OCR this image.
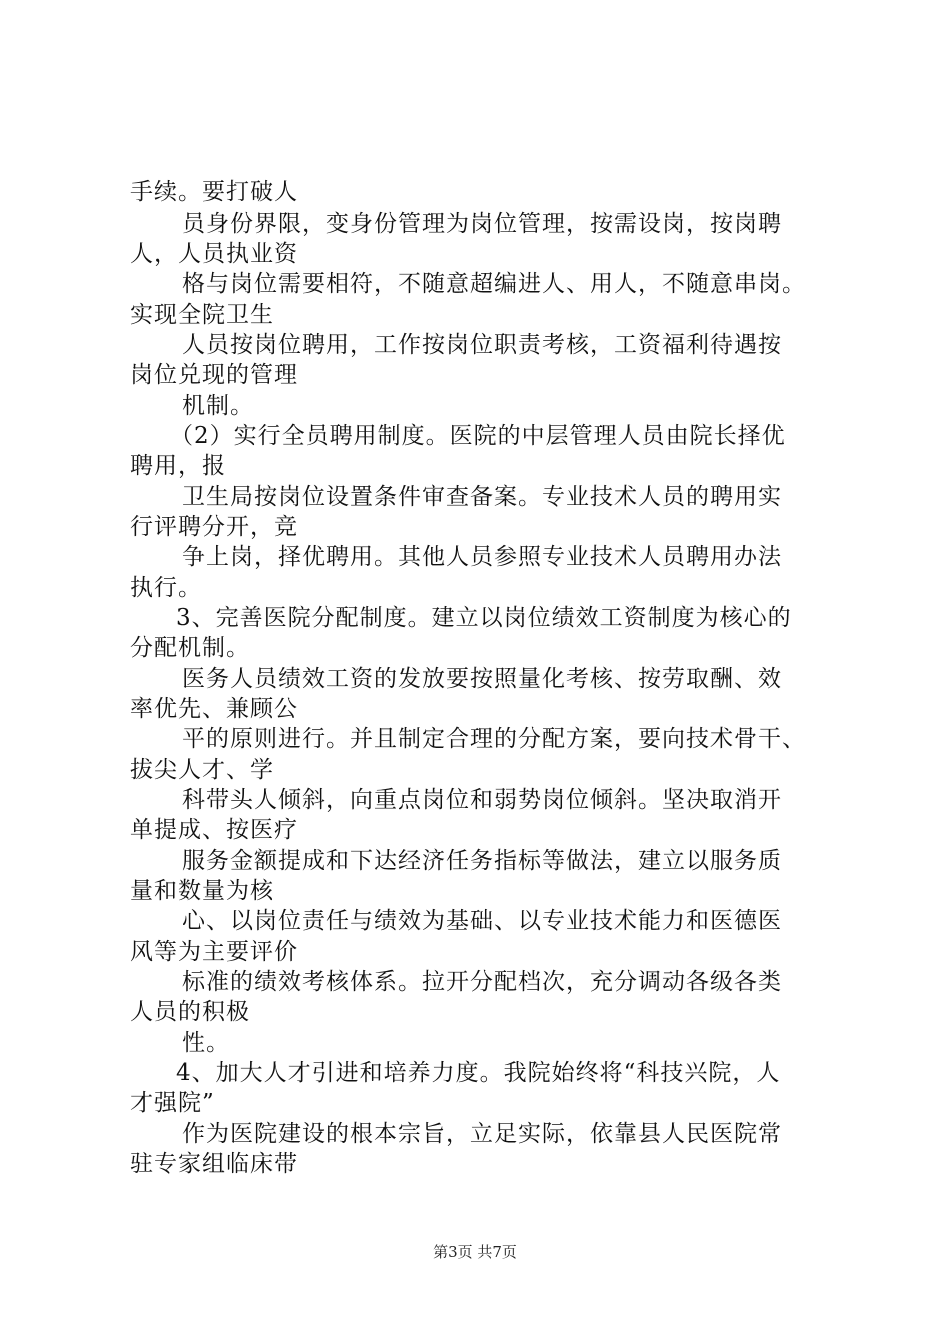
手续。要打破人
员身份界限，变身份管理为岗位管理，按需设岗，按岗聘
人，人员执业资
格与岗位需要相符，不随意超编进人、用人，不随意串岗。
实现全院卫生
人员按岗位聘用，工作按岗位职责考核，工资福利待遇按
岗位兑现的管理
机制。
（2）实行全员聘用制度。医院的中层管理人员由院长择优
聘用，报
卫生局按岗位设置条件审查备案。专业技术人员的聘用实
行评聘分开，竞
争上岗，择优聘用。其他人员参照专业技术人员聘用办法
执行。
3、完善医院分配制度。建立以岗位绩效工资制度为核心的
分配机制。
医务人员绩效工资的发放要按照量化考核、按劳取酬、效
率优先、兼顾公
平的原则进行。并且制定合理的分配方案，要向技术骨干、
拔尖人才、学
科带头人倾斜，向重点岗位和弱势岗位倾斜。坚决取消开
单提成、按医疗
服务金额提成和下达经济任务指标等做法，建立以服务质
量和数量为核
心、以岗位责任与绩效为基础、以专业技术能力和医德医
风等为主要评价
标准的绩效考核体系。拉开分配档次，充分调动各级各类
人员的积极
性。
4、加大人才引进和培养力度。我院始终将“科技兴院，人
才强院”
作为医院建设的根本宗旨，立足实际，依靠县人民医院常
驻专家组临床带
第3页 共7页
